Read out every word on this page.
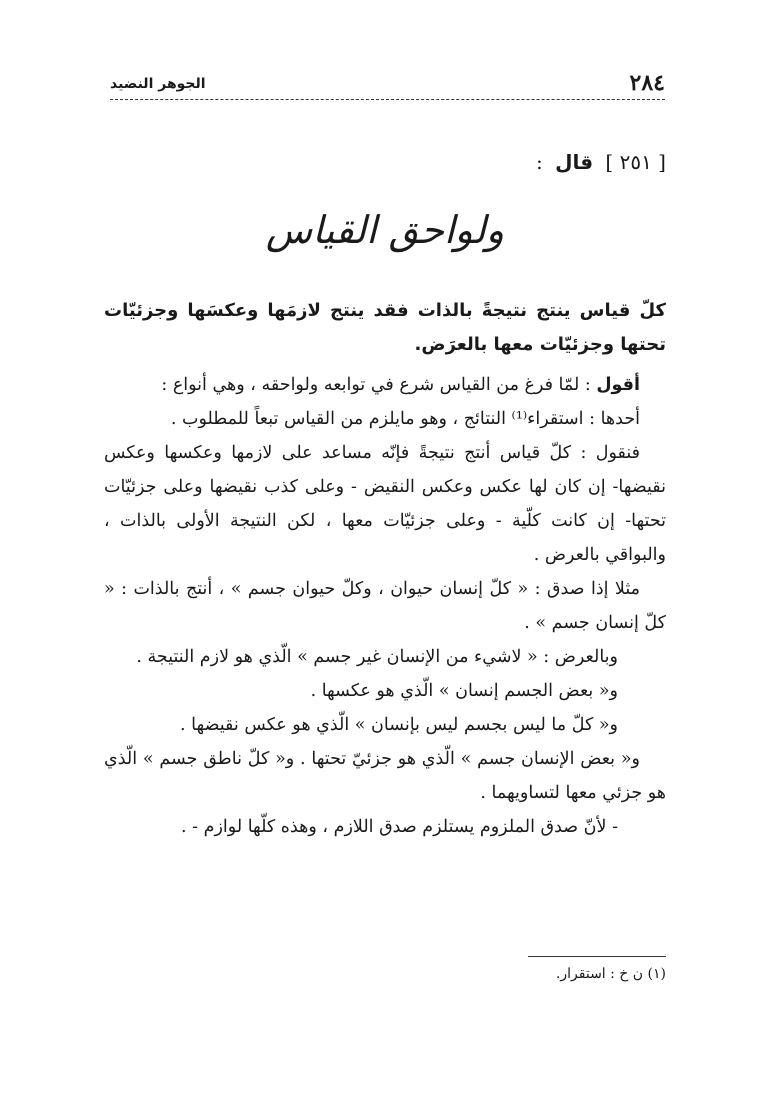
٢٨٤
الجوهر النضيد
[ ٢٥١ ] قال :
ولواحق القياس

كلّ قياس ينتج نتيجةً بالذات فقد ينتج لازمَها وعكسَها وجزئيّات تحتها وجزئيّات معها بالعرَض.

أقول : لمّا فرغ من القياس شرع في توابعه ولواحقه ، وهي أنواع :

أحدها : استقراء⁽¹⁾ النتائج ، وهو مايلزم من القياس تبعاً للمطلوب .

فنقول : كلّ قياس أنتج نتيجةً فإنّه مساعد على لازمها وعكسها وعكس نقيضها- إن كان لها عكس وعكس النقيض - وعلى كذب نقيضها وعلى جزئيّات تحتها- إن كانت كلّية - وعلى جزئيّات معها ، لكن النتيجة الأولى بالذات ، والبواقي بالعرض .

مثلا إذا صدق : « كلّ إنسان حيوان ، وكلّ حيوان جسم » ، أنتج بالذات : « كلّ إنسان جسم » .

وبالعرض : « لاشيء من الإنسان غير جسم » الّذي هو لازم النتيجة .

و« بعض الجسم إنسان » الّذي هو عكسها .

و« كلّ ما ليس بجسم ليس بإنسان » الّذي هو عكس نقيضها .

و« بعض الإنسان جسم » الّذي هو جزئيّ تحتها . و« كلّ ناطق جسم » الّذي هو جزئي معها لتساويهما .

- لأنّ صدق الملزوم يستلزم صدق اللازم ، وهذه كلّها لوازم - .

(١) ن خ : استقرار.
